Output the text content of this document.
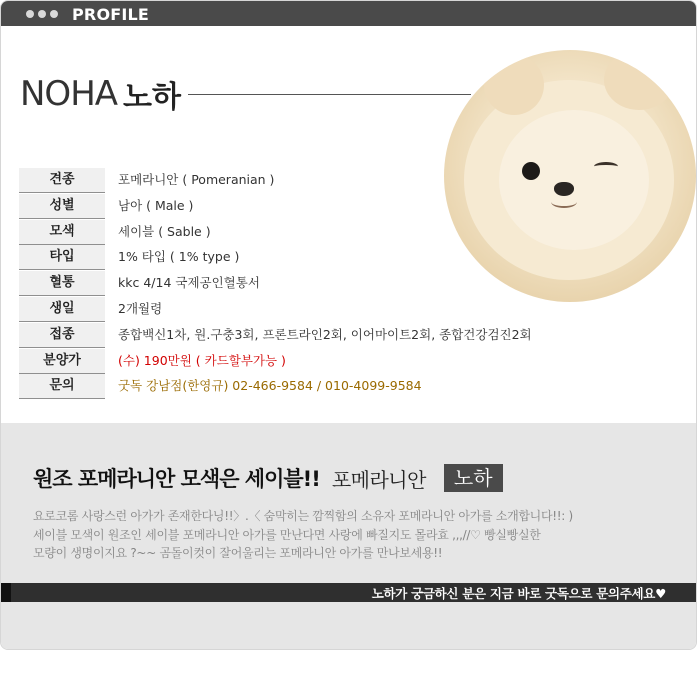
PROFILE
NOHA 노하
견종	포메라니안 ( Pomeranian )
성별	남아 ( Male )
모색	세이블 ( Sable )
타입	1% 타입 ( 1% type )
혈통	kkc 4/14 국제공인혈통서
생일	2개월령
접종	종합백신1차, 원.구충3회, 프론트라인2회, 이어마이트2회, 종합건강검진2회
분양가	(수) 190만원 ( 카드할부가능 )
문의	굿독 강남점(한영규) 02-466-9584 / 010-4099-9584
원조 포메라니안 모색은 세이블!! 포메라니안	노하
요로코롬 사랑스런 아가가 존재한다닝!!〉.〈 숨막히는 깜찍함의 소유자 포메라니안 아가를 소개합니다!!: )
세이블 모색이 원조인 세이블 포메라니안 아가를 만난다면 사랑에 빠질지도 몰라효 ,,,//♡ 빵실빵실한
모량이 생명이지요 ?~~ 곰돌이컷이 잘어울리는 포메라니안 아가를 만나보세용!!
노하가 궁금하신 분은 지금 바로 굿독으로 문의주세요♥
